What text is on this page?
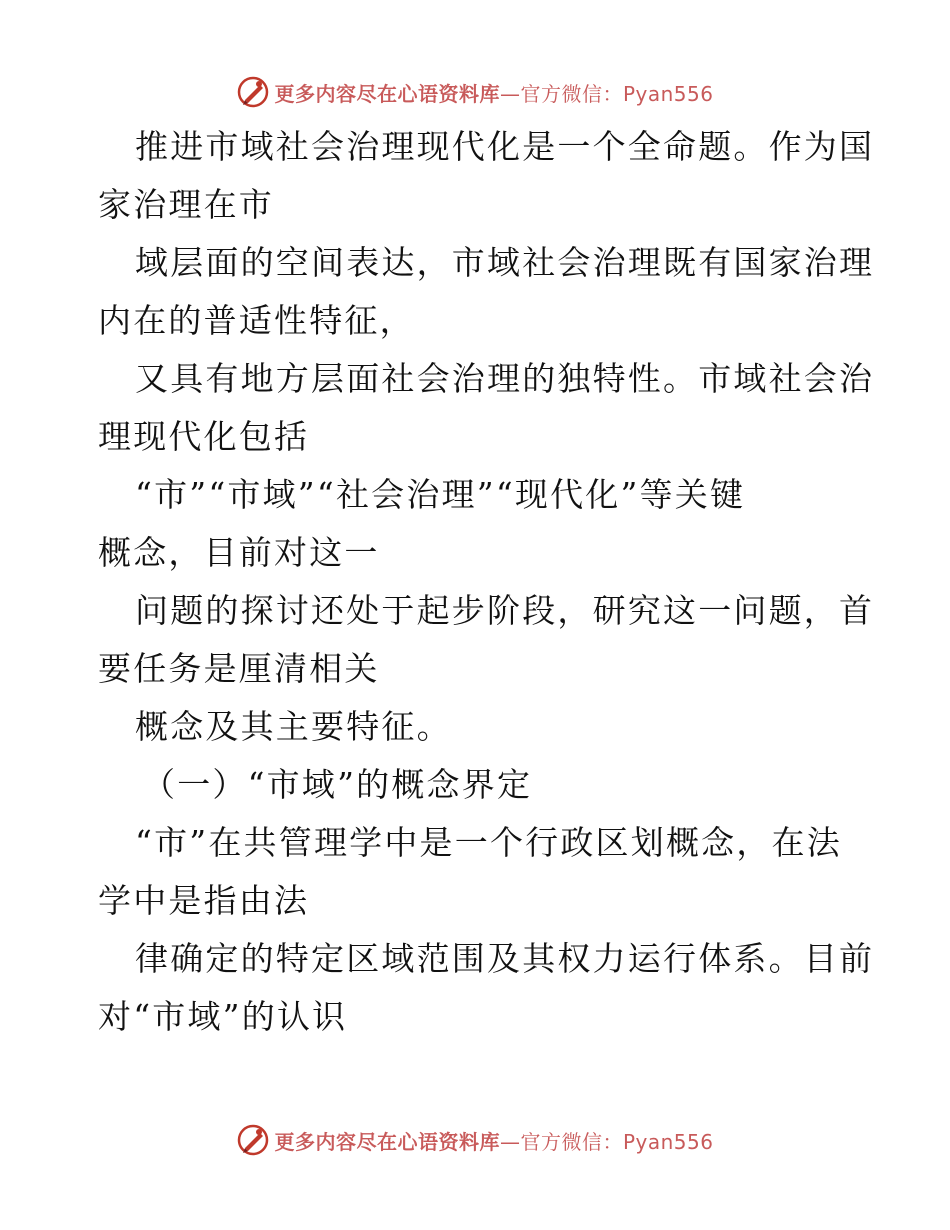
更多内容尽在心语资料库—官方微信：Pyan556

推进市域社会治理现代化是一个全命题。作为国

家治理在市

域层面的空间表达，市域社会治理既有国家治理

内在的普适性特征，

又具有地方层面社会治理的独特性。市域社会治

理现代化包括

“市”“市域”“社会治理”“现代化”等关键

概念，目前对这一

问题的探讨还处于起步阶段，研究这一问题，首

要任务是厘清相关

概念及其主要特征。

（一）“市域”的概念界定

“市”在共管理学中是一个行政区划概念，在法

学中是指由法

律确定的特定区域范围及其权力运行体系。目前

对“市域”的认识

更多内容尽在心语资料库—官方微信：Pyan556
